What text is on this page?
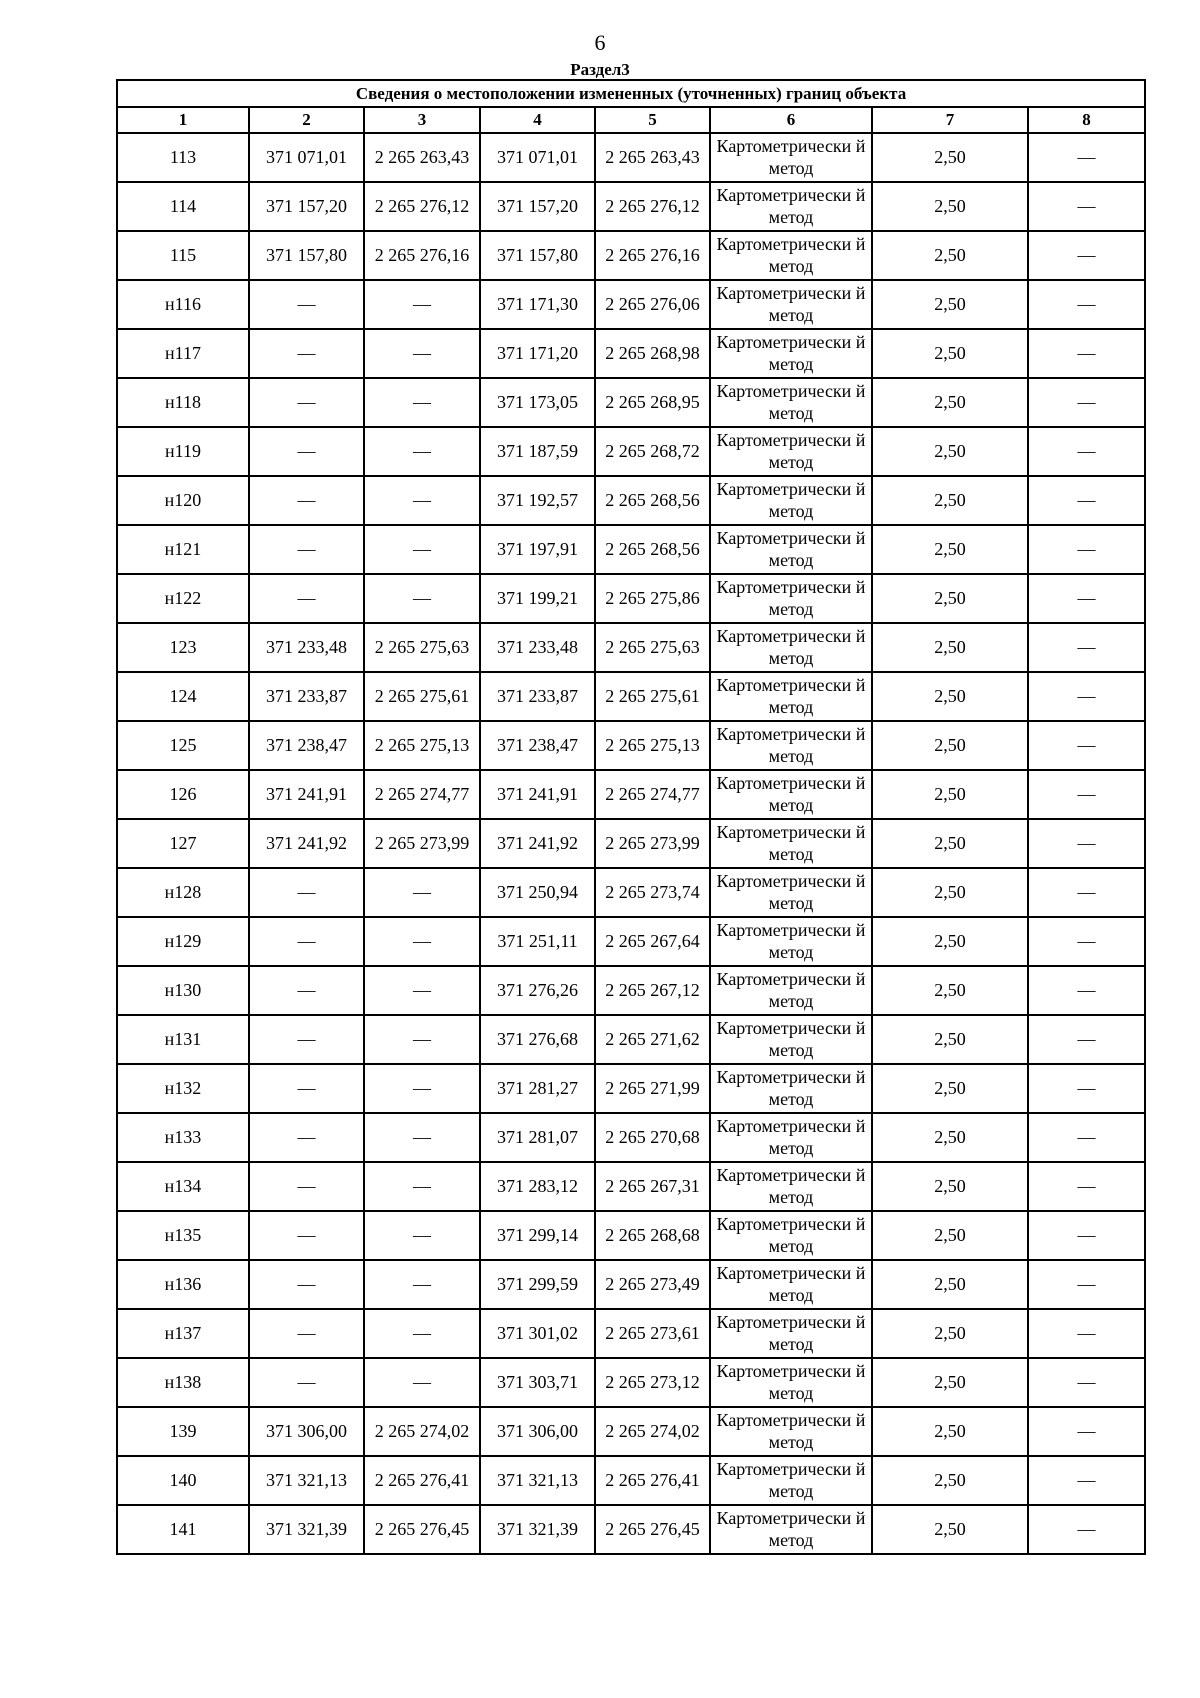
6
Раздел3
Сведения о местоположении измененных (уточненных) границ объекта							
1	2	3	4	5	6	7	8
113	371 071,01	2 265 263,43	371 071,01	2 265 263,43	Картометрически й метод	2,50	—
114	371 157,20	2 265 276,12	371 157,20	2 265 276,12	Картометрически й метод	2,50	—
115	371 157,80	2 265 276,16	371 157,80	2 265 276,16	Картометрически й метод	2,50	—
н116	—	—	371 171,30	2 265 276,06	Картометрически й метод	2,50	—
н117	—	—	371 171,20	2 265 268,98	Картометрически й метод	2,50	—
н118	—	—	371 173,05	2 265 268,95	Картометрически й метод	2,50	—
н119	—	—	371 187,59	2 265 268,72	Картометрически й метод	2,50	—
н120	—	—	371 192,57	2 265 268,56	Картометрически й метод	2,50	—
н121	—	—	371 197,91	2 265 268,56	Картометрически й метод	2,50	—
н122	—	—	371 199,21	2 265 275,86	Картометрически й метод	2,50	—
123	371 233,48	2 265 275,63	371 233,48	2 265 275,63	Картометрически й метод	2,50	—
124	371 233,87	2 265 275,61	371 233,87	2 265 275,61	Картометрически й метод	2,50	—
125	371 238,47	2 265 275,13	371 238,47	2 265 275,13	Картометрически й метод	2,50	—
126	371 241,91	2 265 274,77	371 241,91	2 265 274,77	Картометрически й метод	2,50	—
127	371 241,92	2 265 273,99	371 241,92	2 265 273,99	Картометрически й метод	2,50	—
н128	—	—	371 250,94	2 265 273,74	Картометрически й метод	2,50	—
н129	—	—	371 251,11	2 265 267,64	Картометрически й метод	2,50	—
н130	—	—	371 276,26	2 265 267,12	Картометрически й метод	2,50	—
н131	—	—	371 276,68	2 265 271,62	Картометрически й метод	2,50	—
н132	—	—	371 281,27	2 265 271,99	Картометрически й метод	2,50	—
н133	—	—	371 281,07	2 265 270,68	Картометрически й метод	2,50	—
н134	—	—	371 283,12	2 265 267,31	Картометрически й метод	2,50	—
н135	—	—	371 299,14	2 265 268,68	Картометрически й метод	2,50	—
н136	—	—	371 299,59	2 265 273,49	Картометрически й метод	2,50	—
н137	—	—	371 301,02	2 265 273,61	Картометрически й метод	2,50	—
н138	—	—	371 303,71	2 265 273,12	Картометрически й метод	2,50	—
139	371 306,00	2 265 274,02	371 306,00	2 265 274,02	Картометрически й метод	2,50	—
140	371 321,13	2 265 276,41	371 321,13	2 265 276,41	Картометрически й метод	2,50	—
141	371 321,39	2 265 276,45	371 321,39	2 265 276,45	Картометрически й метод	2,50	—
